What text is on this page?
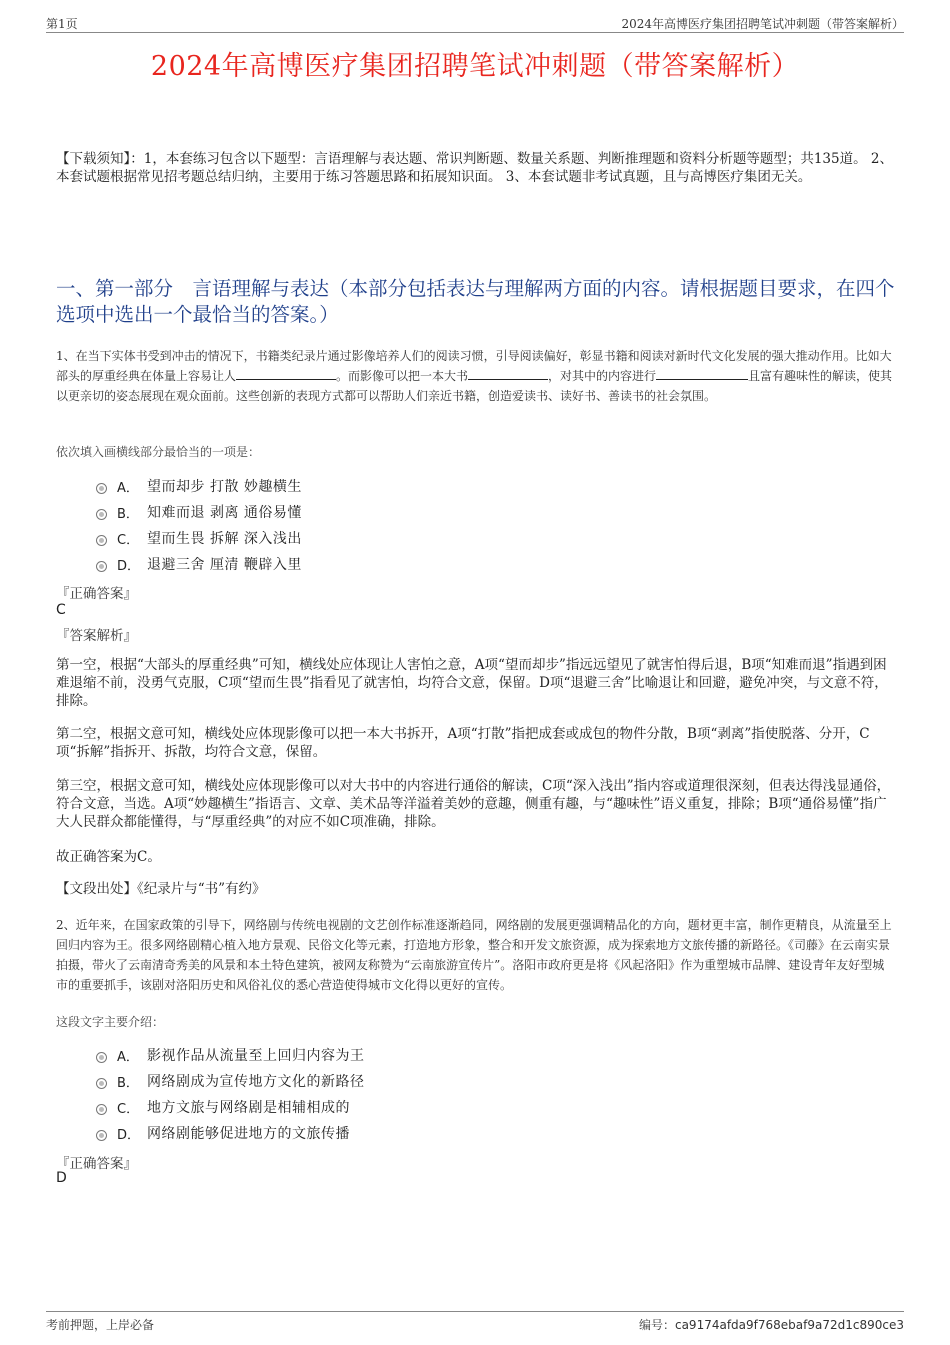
第1页	2024年高博医疗集团招聘笔试冲刺题（带答案解析）
2024年高博医疗集团招聘笔试冲刺题（带答案解析）
【下载须知】：1，本套练习包含以下题型：言语理解与表达题、常识判断题、数量关系题、判断推理题和资料分析题等题型；共135道。 2、本套试题根据常见招考题总结归纳，主要用于练习答题思路和拓展知识面。 3、本套试题非考试真题，且与高博医疗集团无关。
一、第一部分　言语理解与表达（本部分包括表达与理解两方面的内容。请根据题目要求，在四个选项中选出一个最恰当的答案。）
1、在当下实体书受到冲击的情况下，书籍类纪录片通过影像培养人们的阅读习惯，引导阅读偏好，彰显书籍和阅读对新时代文化发展的强大推动作用。比如大部头的厚重经典在体量上容易让人	。而影像可以把一本大书	，对其中的内容进行	且富有趣味性的解读，使其以更亲切的姿态展现在观众面前。这些创新的表现方式都可以帮助人们亲近书籍，创造爱读书、读好书、善读书的社会氛围。
依次填入画横线部分最恰当的一项是：
A． 望而却步 打散 妙趣横生
B． 知难而退 剥离 通俗易懂
C． 望而生畏 拆解 深入浅出
D． 退避三舍 厘清 鞭辟入里
『正确答案』
C
『答案解析』
第一空，根据“大部头的厚重经典”可知，横线处应体现让人害怕之意，A项“望而却步”指远远望见了就害怕得后退，B项“知难而退”指遇到困难退缩不前，没勇气克服，C项“望而生畏”指看见了就害怕，均符合文意，保留。D项“退避三舍”比喻退让和回避，避免冲突，与文意不符，排除。
第二空，根据文意可知，横线处应体现影像可以把一本大书拆开，A项“打散”指把成套或成包的物件分散，B项“剥离”指使脱落、分开，C项“拆解”指拆开、拆散，均符合文意，保留。
第三空，根据文意可知，横线处应体现影像可以对大书中的内容进行通俗的解读，C项“深入浅出”指内容或道理很深刻，但表达得浅显通俗，符合文意，当选。A项“妙趣横生”指语言、文章、美术品等洋溢着美妙的意趣，侧重有趣，与“趣味性”语义重复，排除；B项“通俗易懂”指广大人民群众都能懂得，与“厚重经典”的对应不如C项准确，排除。
故正确答案为C。
【文段出处】《纪录片与“书”有约》
2、近年来，在国家政策的引导下，网络剧与传统电视剧的文艺创作标准逐渐趋同，网络剧的发展更强调精品化的方向，题材更丰富，制作更精良，从流量至上回归内容为王。很多网络剧精心植入地方景观、民俗文化等元素，打造地方形象，整合和开发文旅资源，成为探索地方文旅传播的新路径。《司藤》在云南实景拍摄，带火了云南清奇秀美的风景和本土特色建筑，被网友称赞为“云南旅游宣传片”。洛阳市政府更是将《风起洛阳》作为重塑城市品牌、建设青年友好型城市的重要抓手，该剧对洛阳历史和风俗礼仪的悉心营造使得城市文化得以更好的宣传。
这段文字主要介绍：
A． 影视作品从流量至上回归内容为王
B． 网络剧成为宣传地方文化的新路径
C． 地方文旅与网络剧是相辅相成的
D． 网络剧能够促进地方的文旅传播
『正确答案』
D
考前押题，上岸必备	编号：ca9174afda9f768ebaf9a72d1c890ce3
